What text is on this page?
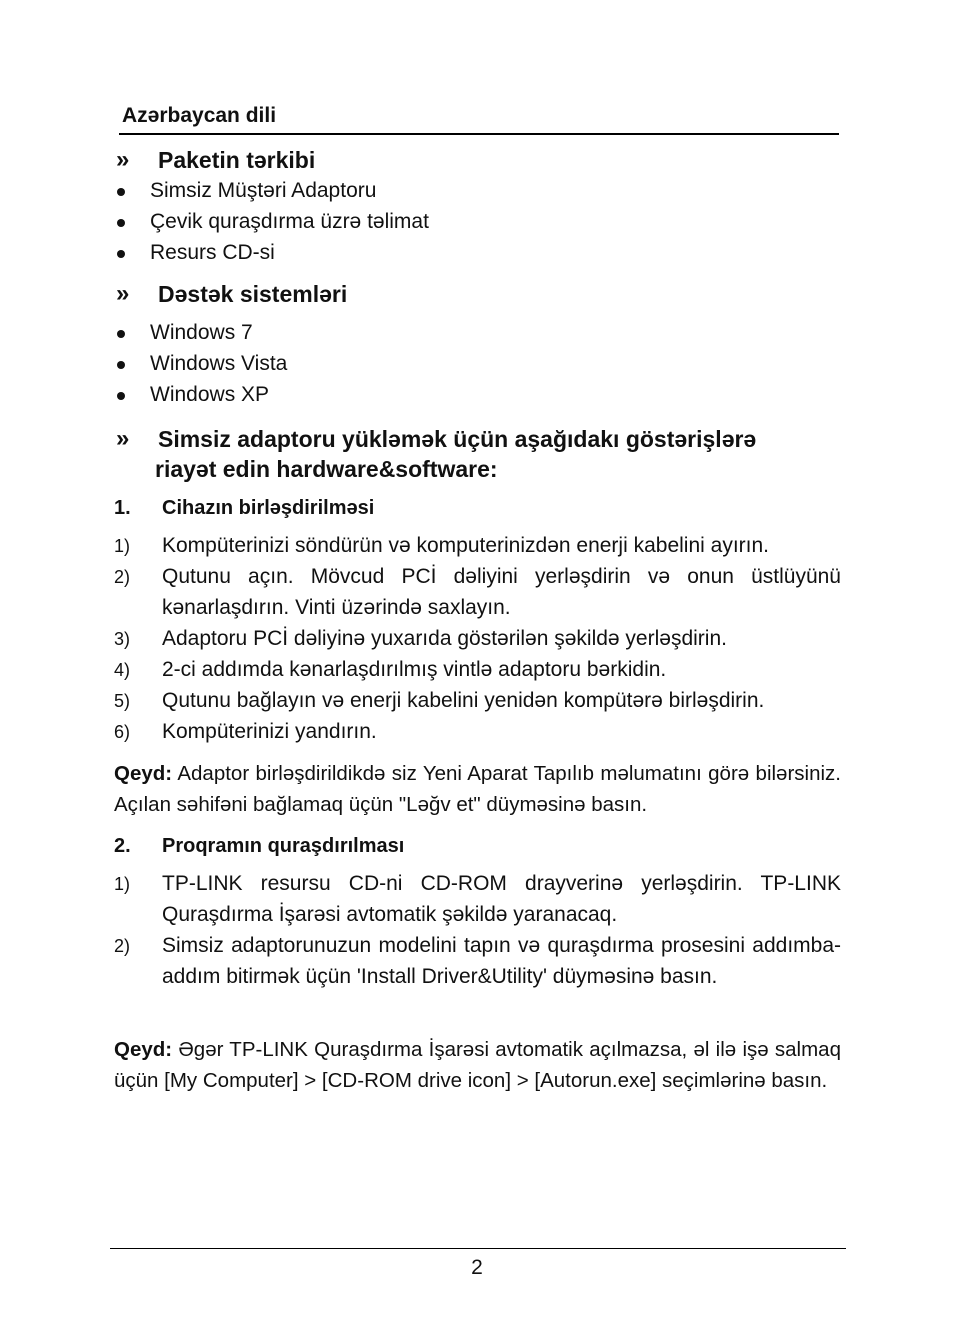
Azərbaycan dili
» Paketin tərkibi
Simsiz Müştəri Adaptoru
Çevik quraşdırma üzrə təlimat
Resurs CD-si
» Dəstək sistemləri
Windows 7
Windows Vista
Windows XP
» Simsiz adaptoru yükləmək üçün aşağıdakı göstərişlərə
riayət edin hardware&software:
1. Cihazın birləşdirilməsi
1) Kompüterinizi söndürün və komputerinizdən enerji kabelini ayırın.
2) Qutunu açın. Mövcud PCİ dəliyini yerləşdirin və onun üstlüyünü kənarlaşdırın. Vinti üzərində saxlayın.
3) Adaptoru PCİ dəliyinə yuxarıda göstərilən şəkildə yerləşdirin.
4) 2-ci addımda kənarlaşdırılmış vintlə adaptoru bərkidin.
5) Qutunu bağlayın və enerji kabelini yenidən kompütərə birləşdirin.
6) Kompüterinizi yandırın.
Qeyd: Adaptor birləşdirildikdə siz Yeni Aparat Tapılıb məlumatını görə bilərsiniz. Açılan səhifəni bağlamaq üçün "Ləğv et" düyməsinə basın.
2. Proqramın quraşdırılması
1) TP-LINK resursu CD-ni CD-ROM drayverinə yerləşdirin. TP-LINK Quraşdırma İşarəsi avtomatik şəkildə yaranacaq.
2) Simsiz adaptorunuzun modelini tapın və quraşdırma prosesini addımba-addım bitirmək üçün 'Install Driver&Utility' düyməsinə basın.
Qeyd: Əgər TP-LINK Quraşdırma İşarəsi avtomatik açılmazsa, əl ilə işə salmaq üçün [My Computer] > [CD-ROM drive icon] > [Autorun.exe] seçimlərinə basın.
2
